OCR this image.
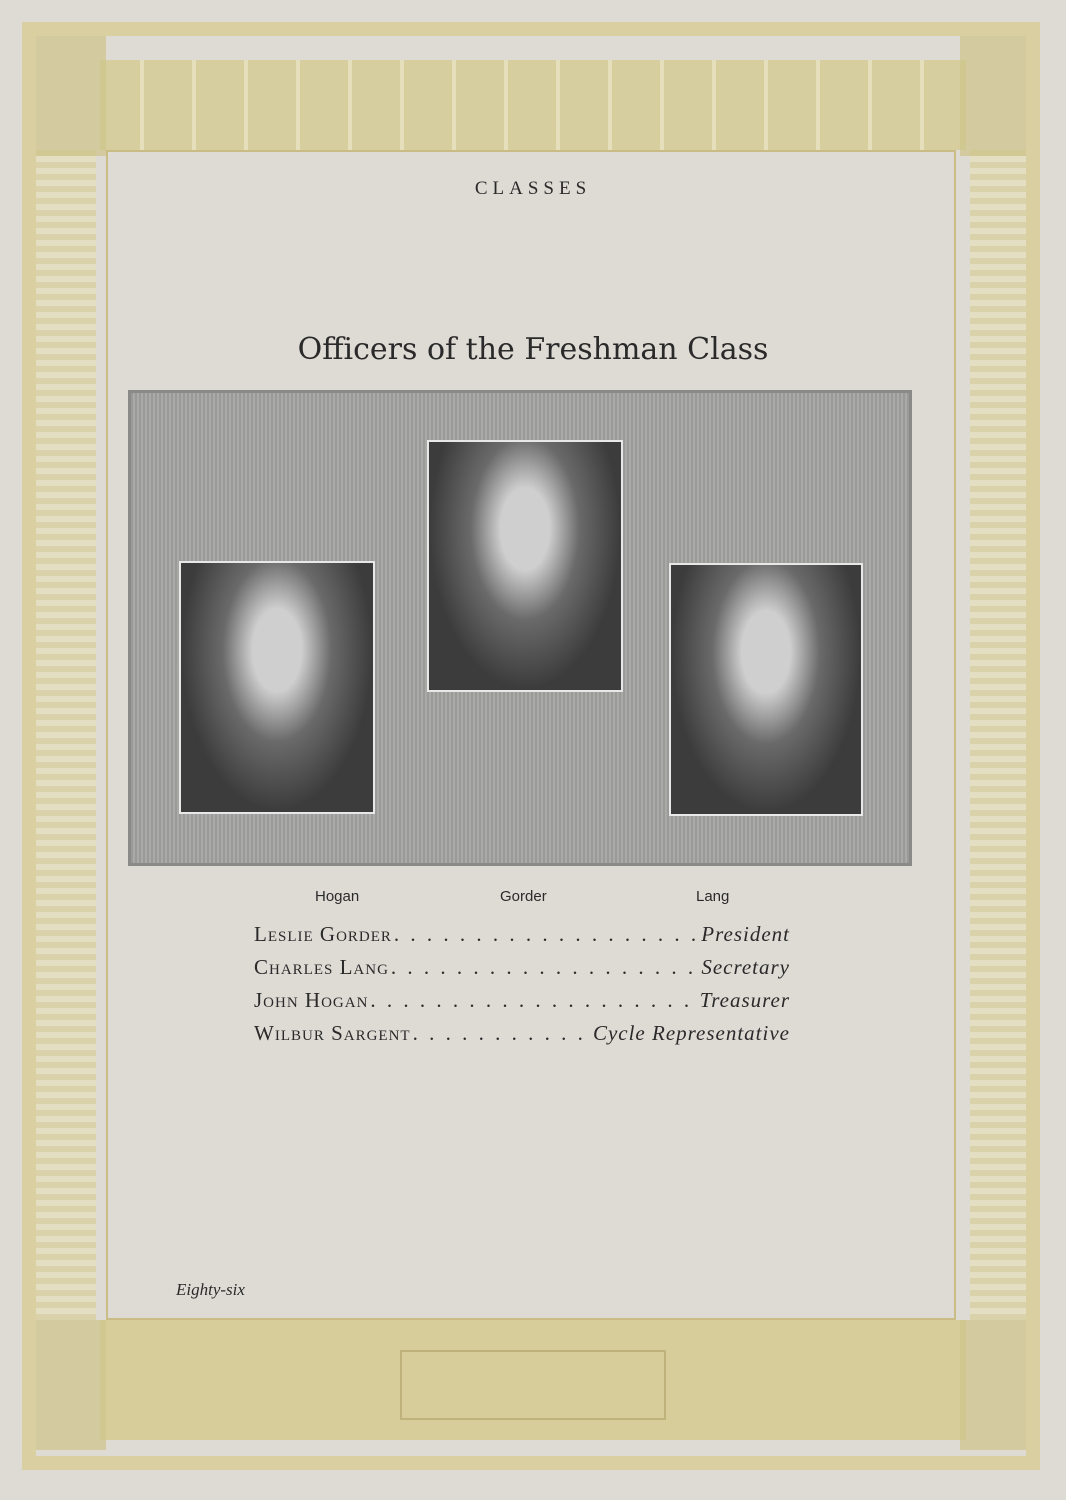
CLASSES
Officers of the Freshman Class
Hogan	Gorder	Lang
Leslie Gorder . . .	President
Charles Lang . . .	Secretary
John Hogan . . .	Treasurer
Wilbur Sargent . . .	Cycle Representative
Eighty-six
